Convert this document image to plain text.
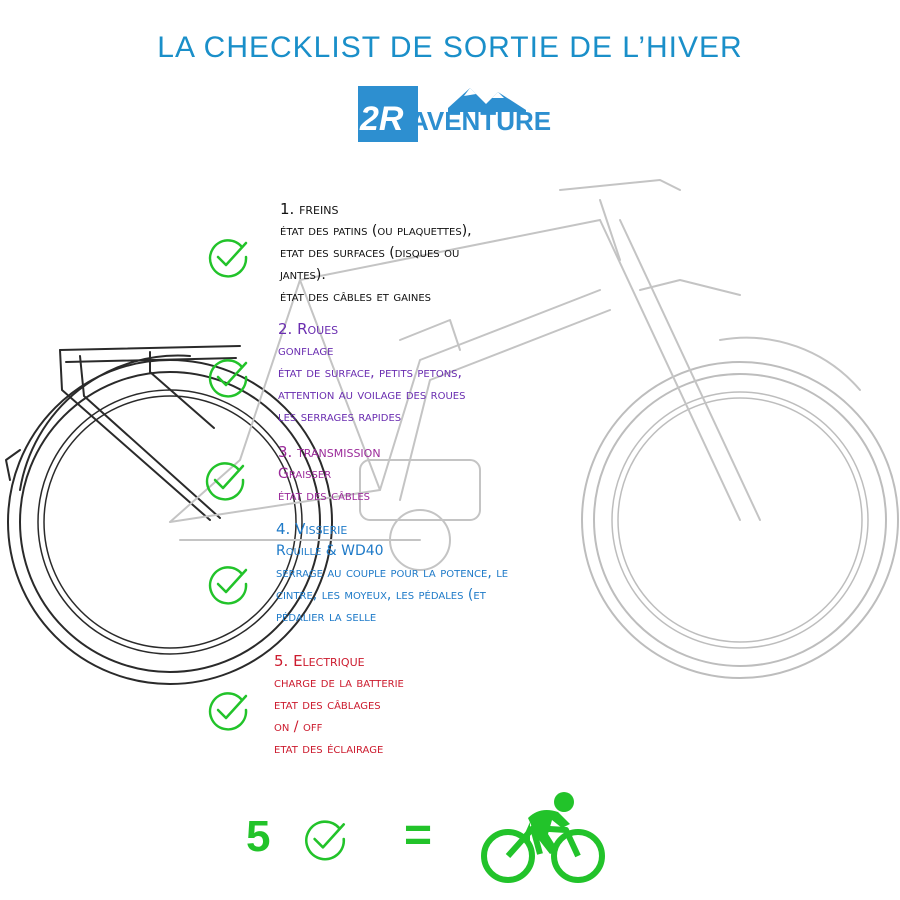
LA CHECKLIST DE SORTIE DE L’HIVER
2R AVENTURE
1. freins
état des patins (ou plaquettes),
etat des surfaces (disques ou
jantes).
état des câbles et gaines
2. Roues
gonflage
état de surface, petits petons,
attention au voilage des roues
les serrages rapides
3. transmission
Graisser
état des câbles
4. Visserie
Rouille & WD40
serrage au couple pour la potence, le
cintre, les moyeux, les pédales (et
pédalier la selle
5. Electrique
charge de la batterie
etat des câblages
on / off
etat des éclairage
5	=
